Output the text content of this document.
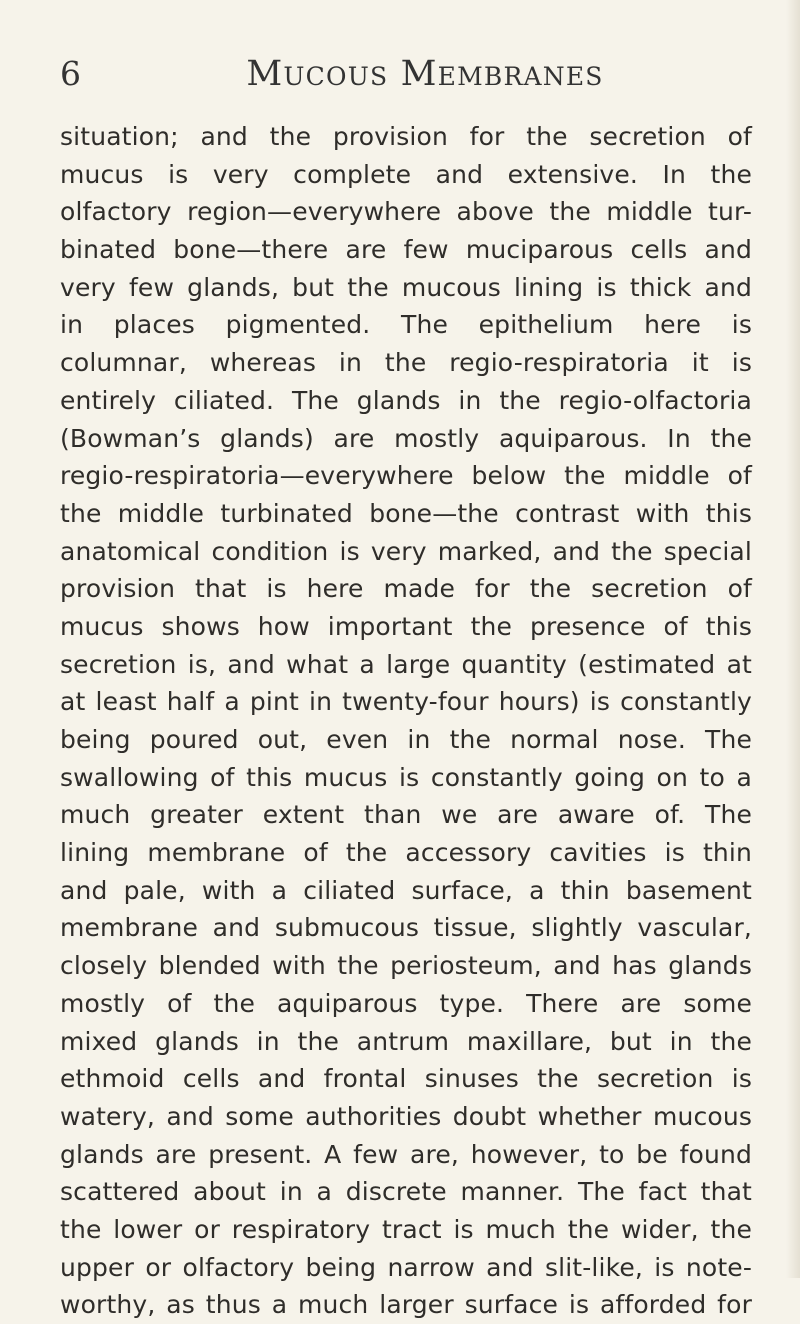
6	Mucous Membranes
situation; and the provision for the secretion of
mucus is very complete and extensive. In the
olfactory region—everywhere above the middle tur-
binated bone—there are few muciparous cells and
very few glands, but the mucous lining is thick and
in places pigmented. The epithelium here is
columnar, whereas in the regio-respiratoria it is
entirely ciliated. The glands in the regio-olfactoria
(Bowman’s glands) are mostly aquiparous. In the
regio-respiratoria—everywhere below the middle of
the middle turbinated bone—the contrast with this
anatomical condition is very marked, and the special
provision that is here made for the secretion of
mucus shows how important the presence of this
secretion is, and what a large quantity (estimated at
at least half a pint in twenty-four hours) is constantly
being poured out, even in the normal nose. The
swallowing of this mucus is constantly going on to a
much greater extent than we are aware of. The
lining membrane of the accessory cavities is thin
and pale, with a ciliated surface, a thin basement
membrane and submucous tissue, slightly vascular,
closely blended with the periosteum, and has glands
mostly of the aquiparous type. There are some
mixed glands in the antrum maxillare, but in the
ethmoid cells and frontal sinuses the secretion is
watery, and some authorities doubt whether mucous
glands are present. A few are, however, to be found
scattered about in a discrete manner. The fact that
the lower or respiratory tract is much the wider, the
upper or olfactory being narrow and slit-like, is note-
worthy, as thus a much larger surface is afforded for
